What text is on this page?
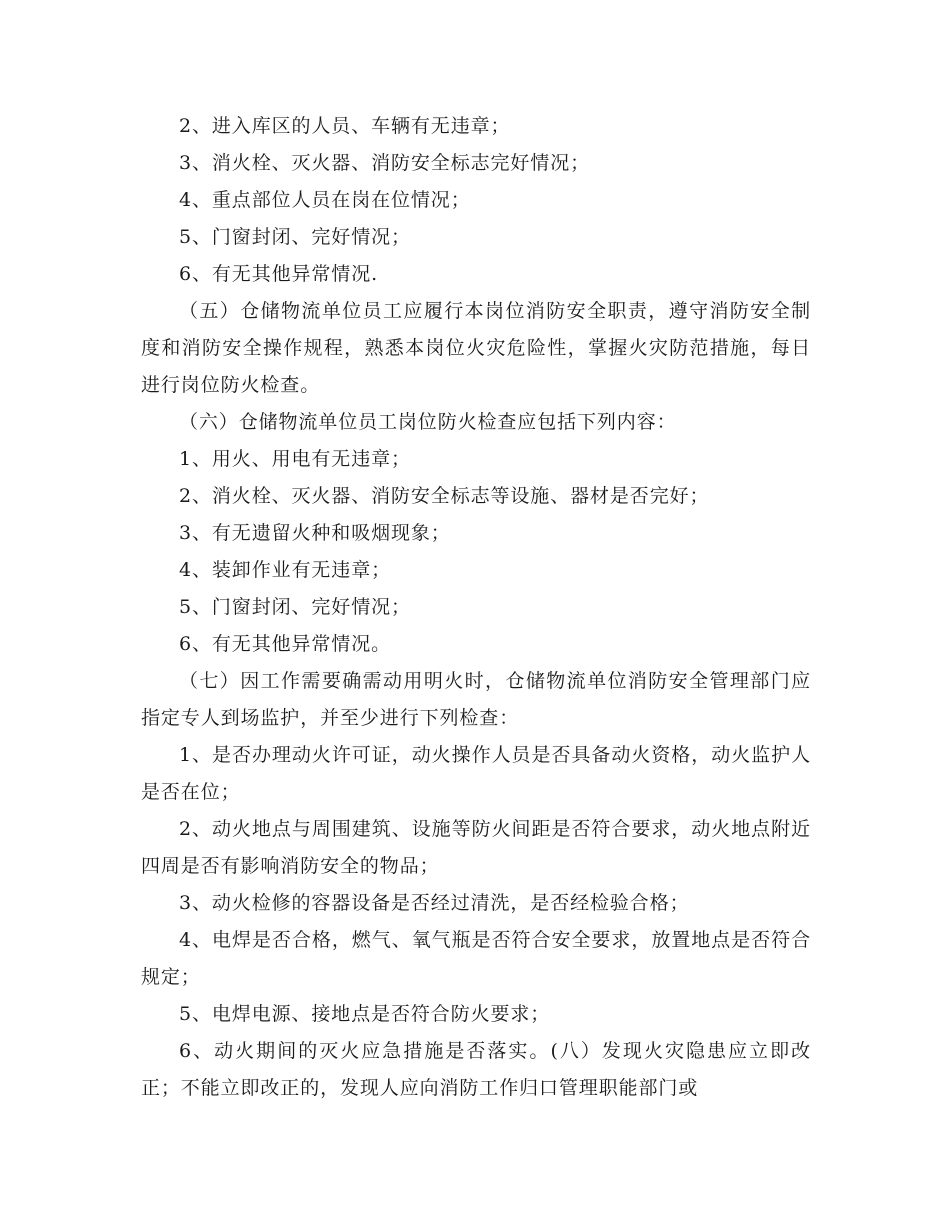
2、进入库区的人员、车辆有无违章；

3、消火栓、灭火器、消防安全标志完好情况；

4、重点部位人员在岗在位情况；

5、门窗封闭、完好情况；

6、有无其他异常情况.

（五）仓储物流单位员工应履行本岗位消防安全职责，遵守消防安全制度和消防安全操作规程，熟悉本岗位火灾危险性，掌握火灾防范措施，每日进行岗位防火检查。

（六）仓储物流单位员工岗位防火检查应包括下列内容：

1、用火、用电有无违章；

2、消火栓、灭火器、消防安全标志等设施、器材是否完好；

3、有无遗留火种和吸烟现象；

4、装卸作业有无违章；

5、门窗封闭、完好情况；

6、有无其他异常情况。

（七）因工作需要确需动用明火时，仓储物流单位消防安全管理部门应指定专人到场监护，并至少进行下列检查：

1、是否办理动火许可证，动火操作人员是否具备动火资格，动火监护人是否在位；

2、动火地点与周围建筑、设施等防火间距是否符合要求，动火地点附近四周是否有影响消防安全的物品；

3、动火检修的容器设备是否经过清洗，是否经检验合格；

4、电焊是否合格，燃气、氧气瓶是否符合安全要求，放置地点是否符合规定；

5、电焊电源、接地点是否符合防火要求；

6、动火期间的灭火应急措施是否落实。(八）发现火灾隐患应立即改正；不能立即改正的，发现人应向消防工作归口管理职能部门或
